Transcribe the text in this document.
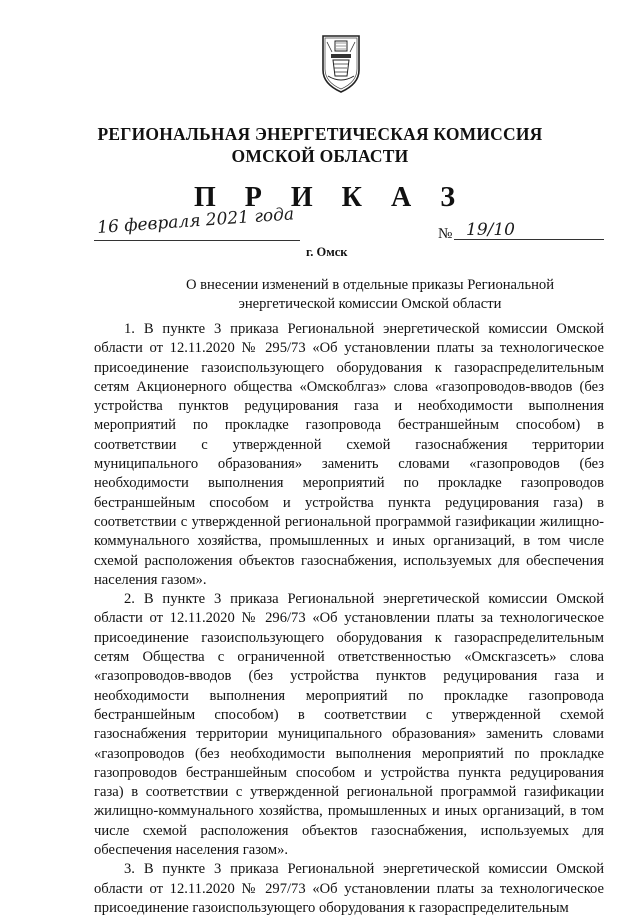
РЕГИОНАЛЬНАЯ ЭНЕРГЕТИЧЕСКАЯ КОМИССИЯ
ОМСКОЙ ОБЛАСТИ
П Р И К А З
16 февраля 2021 года
г. Омск
№ 19/10
О внесении изменений в отдельные приказы Региональной энергетической комиссии Омской области

1. В пункте 3 приказа Региональной энергетической комиссии Омской области от 12.11.2020 № 295/73 «Об установлении платы за технологическое присоединение газоиспользующего оборудования к газораспределительным сетям Акционерного общества «Омскоблгаз» слова «газопроводов-вводов (без устройства пунктов редуцирования газа и необходимости выполнения мероприятий по прокладке газопровода бестраншейным способом) в соответствии с утвержденной схемой газоснабжения территории муниципального образования» заменить словами «газопроводов (без необходимости выполнения мероприятий по прокладке газопроводов бестраншейным способом и устройства пункта редуцирования газа) в соответствии с утвержденной региональной программой газификации жилищно-коммунального хозяйства, промышленных и иных организаций, в том числе схемой расположения объектов газоснабжения, используемых для обеспечения населения газом».

2. В пункте 3 приказа Региональной энергетической комиссии Омской области от 12.11.2020 № 296/73 «Об установлении платы за технологическое присоединение газоиспользующего оборудования к газораспределительным сетям Общества с ограниченной ответственностью «Омскгазсеть» слова «газопроводов-вводов (без устройства пунктов редуцирования газа и необходимости выполнения мероприятий по прокладке газопровода бестраншейным способом) в соответствии с утвержденной схемой газоснабжения территории муниципального образования» заменить словами «газопроводов (без необходимости выполнения мероприятий по прокладке газопроводов бестраншейным способом и устройства пункта редуцирования газа) в соответствии с утвержденной региональной программой газификации жилищно-коммунального хозяйства, промышленных и иных организаций, в том числе схемой расположения объектов газоснабжения, используемых для обеспечения населения газом».

3. В пункте 3 приказа Региональной энергетической комиссии Омской области от 12.11.2020 № 297/73 «Об установлении платы за технологическое присоединение газоиспользующего оборудования к газораспределительным
